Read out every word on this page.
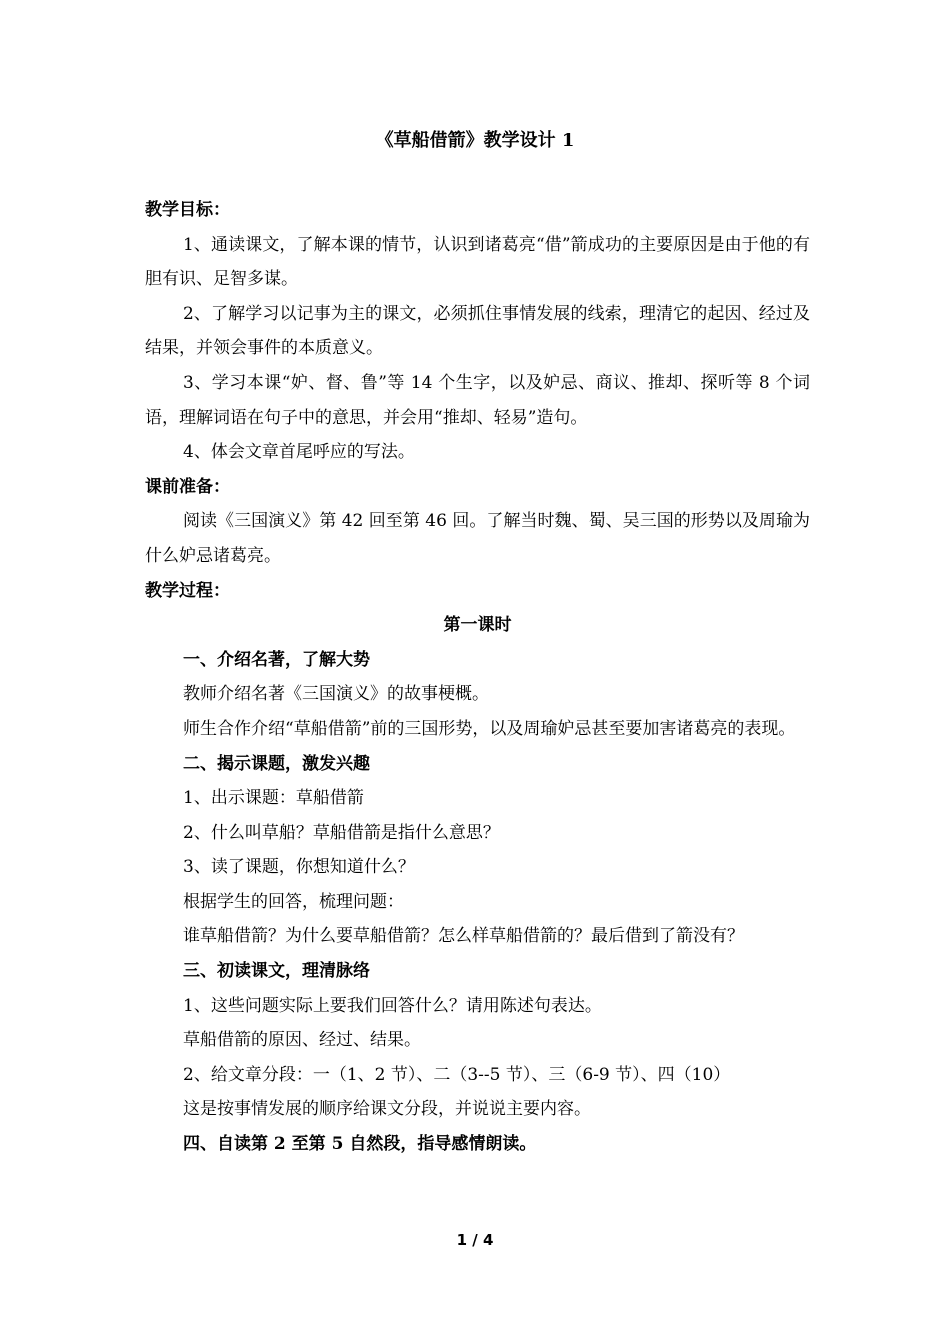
《草船借箭》教学设计 1

教学目标：

1、通读课文，了解本课的情节，认识到诸葛亮“借”箭成功的主要原因是由于他的有胆有识、足智多谋。

2、了解学习以记事为主的课文，必须抓住事情发展的线索，理清它的起因、经过及结果，并领会事件的本质意义。

3、学习本课“妒、督、鲁”等 14 个生字，以及妒忌、商议、推却、探听等 8 个词语，理解词语在句子中的意思，并会用“推却、轻易”造句。

4、体会文章首尾呼应的写法。

课前准备：

阅读《三国演义》第 42 回至第 46 回。了解当时魏、蜀、吴三国的形势以及周瑜为什么妒忌诸葛亮。

教学过程：

第一课时

一、介绍名著，了解大势

教师介绍名著《三国演义》的故事梗概。

师生合作介绍“草船借箭”前的三国形势，以及周瑜妒忌甚至要加害诸葛亮的表现。

二、揭示课题，激发兴趣

1、出示课题：草船借箭

2、什么叫草船？草船借箭是指什么意思？

3、读了课题，你想知道什么？

根据学生的回答，梳理问题：

谁草船借箭？为什么要草船借箭？怎么样草船借箭的？最后借到了箭没有？

三、初读课文，理清脉络

1、这些问题实际上要我们回答什么？请用陈述句表达。

草船借箭的原因、经过、结果。

2、给文章分段：一（1、2 节）、二（3--5 节）、三（6-9 节）、四（10）

这是按事情发展的顺序给课文分段，并说说主要内容。

四、自读第 2 至第 5 自然段，指导感情朗读。

1 / 4
